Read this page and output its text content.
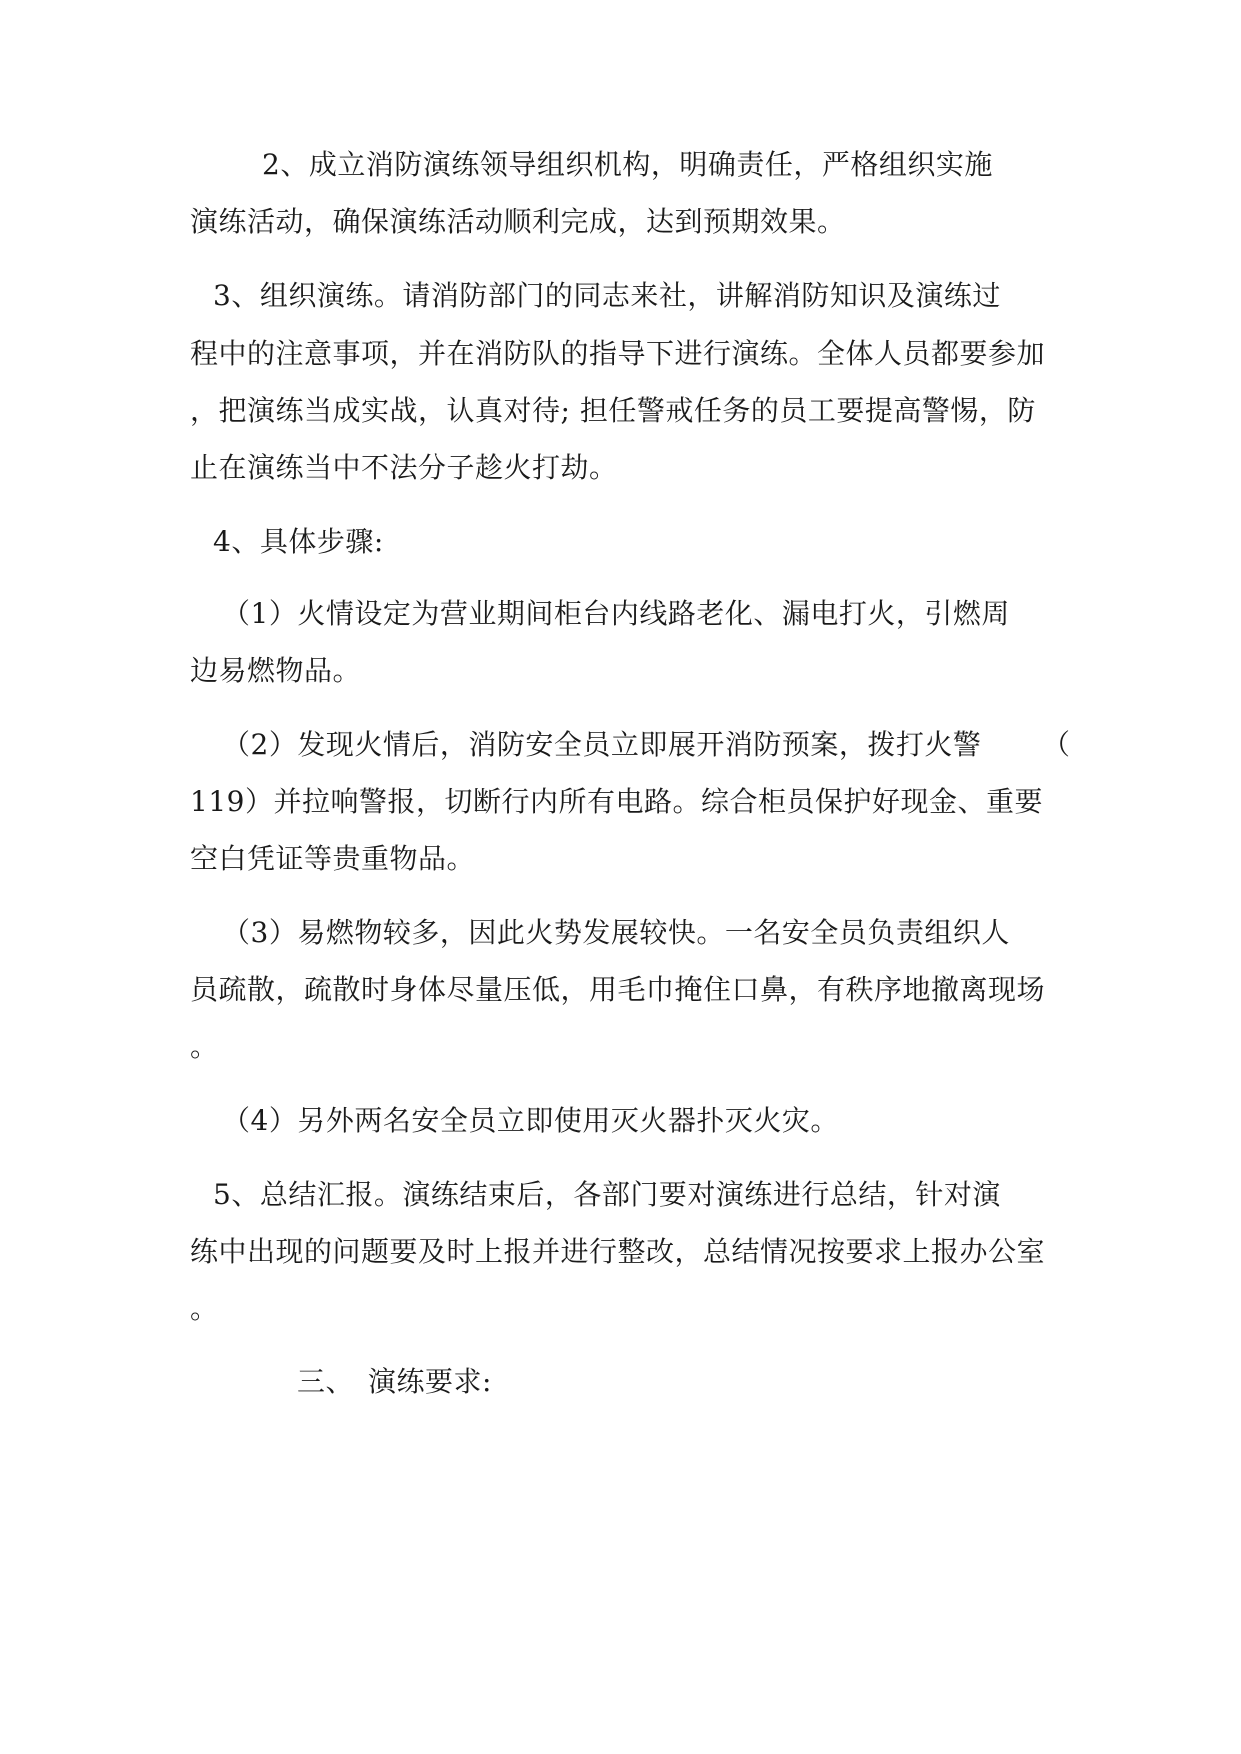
2、成立消防演练领导组织机构，明确责任，严格组织实施
演练活动，确保演练活动顺利完成，达到预期效果。
3、组织演练。请消防部门的同志来社，讲解消防知识及演练过
程中的注意事项，并在消防队的指导下进行演练。全体人员都要参加
，把演练当成实战，认真对待; 担任警戒任务的员工要提高警惕，防
止在演练当中不法分子趁火打劫。
4、具体步骤:
（1）火情设定为营业期间柜台内线路老化、漏电打火，引燃周
边易燃物品。
（2）发现火情后，消防安全员立即展开消防预案，拨打火警	（
119）并拉响警报，切断行内所有电路。综合柜员保护好现金、重要
空白凭证等贵重物品。
（3）易燃物较多，因此火势发展较快。一名安全员负责组织人
员疏散，疏散时身体尽量压低，用毛巾掩住口鼻，有秩序地撤离现场
。
（4）另外两名安全员立即使用灭火器扑灭火灾。
5、总结汇报。演练结束后，各部门要对演练进行总结，针对演
练中出现的问题要及时上报并进行整改，总结情况按要求上报办公室
。
三、 演练要求:
